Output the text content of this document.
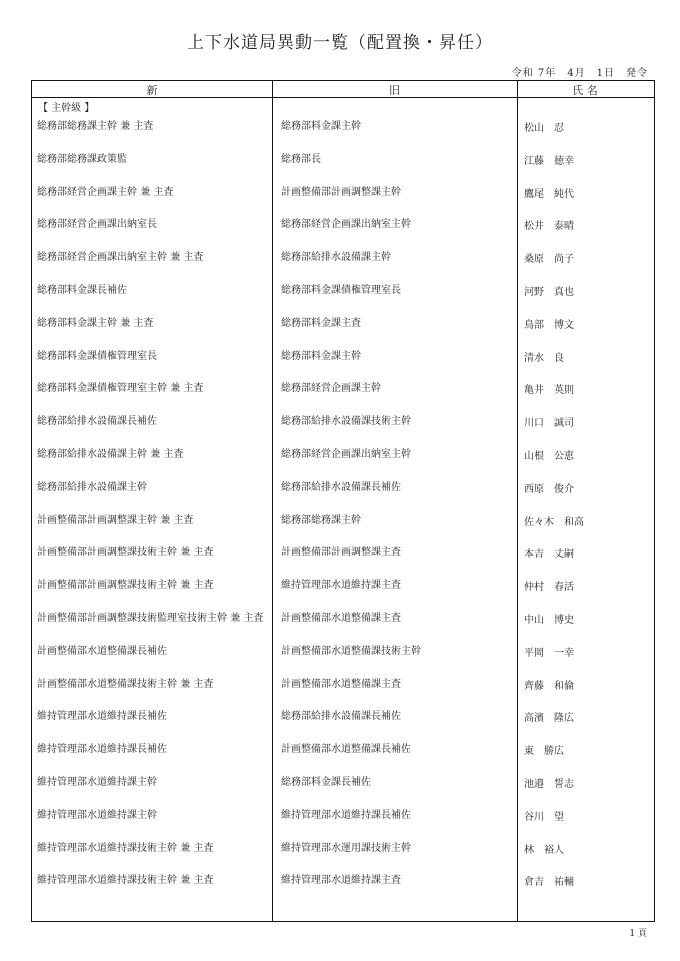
上下水道局異動一覧（配置換・昇任）
令和 7年　4月　1日　発令
新	旧	氏 名
【 主幹級 】
総務部総務課主幹 兼 主査	総務部料金課主幹	松山　忍
総務部総務課政策監	総務部長	江藤　徳幸
総務部経営企画課主幹 兼 主査	計画整備部計画調整課主幹	鷹尾　純代
総務部経営企画課出納室長	総務部経営企画課出納室主幹	松井　泰晴
総務部経営企画課出納室主幹 兼 主査	総務部給排水設備課主幹	桑原　尚子
総務部料金課長補佐	総務部料金課債権管理室長	河野　真也
総務部料金課主幹 兼 主査	総務部料金課主査	鳥部　博文
総務部料金課債権管理室長	総務部料金課主幹	清水　良
総務部料金課債権管理室主幹 兼 主査	総務部経営企画課主幹	亀井　英則
総務部給排水設備課長補佐	総務部給排水設備課技術主幹	川口　誠司
総務部給排水設備課主幹 兼 主査	総務部経営企画課出納室主幹	山根　公恵
総務部給排水設備課主幹	総務部給排水設備課長補佐	西原　俊介
計画整備部計画調整課主幹 兼 主査	総務部総務課主幹	佐々木　和高
計画整備部計画調整課技術主幹 兼 主査	計画整備部計画調整課主査	本吉　丈嗣
計画整備部計画調整課技術主幹 兼 主査	維持管理部水道維持課主査	仲村　春活
計画整備部計画調整課技術監理室技術主幹 兼 主査	計画整備部水道整備課主査	中山　博史
計画整備部水道整備課長補佐	計画整備部水道整備課技術主幹	平岡　一幸
計画整備部水道整備課技術主幹 兼 主査	計画整備部水道整備課主査	齊藤　和倫
維持管理部水道維持課長補佐	総務部給排水設備課長補佐	高濱　隆広
維持管理部水道維持課長補佐	計画整備部水道整備課長補佐	東　勝広
維持管理部水道維持課主幹	総務部料金課長補佐	池邉　誓志
維持管理部水道維持課主幹	維持管理部水道維持課長補佐	谷川　望
維持管理部水道維持課技術主幹 兼 主査	維持管理部水運用課技術主幹	林　裕人
維持管理部水道維持課技術主幹 兼 主査	維持管理部水道維持課主査	倉吉　祐輔
1 頁
